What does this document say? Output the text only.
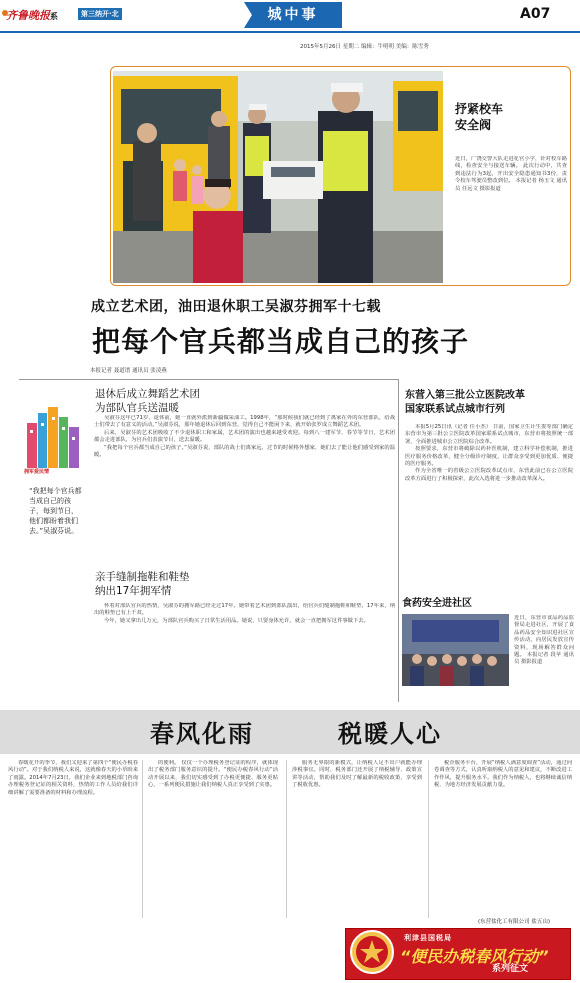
齐鲁晚报系	第三纳开·北	城中事	A07
2015年5月26日 星期二 编辑：牛明明 美编：陈雪秀
抒紧校车
安全阀
近日，广饶交警大队走进花官小学，针对校车路线，检查安全与接送车辆。 此次行动中，共查到违法行为3起，开出安全隐患通知书3份，责令校车驾驶员整改到位。 本报记者 杨玉文 通讯员 任远文 摄影报道
成立艺术团，油田退休职工吴淑芬拥军十七载
把每个官兵都当成自己的孩子
本报记者 聂道谱 通讯员 张凌燕
拥军爱民情
“我把每个官兵都当成自己的孩子，每到节日，他们都盼着我们去。”吴淑芬说。
退休后成立舞蹈艺术团
为部队官兵送温暖

吴淑芬这年已71岁，退休前，她一直就外派到新疆做采油工。1998年，“那时候我们就已经到了离家在外的东营部队，给战士们带去了有意义的活动。”吴淑芬说，那年她退休后回到东营，觉得自己不能闲下来，就开始张罗成立舞蹈艺术团。

后来，吴淑芬的艺术团吸收了不少退休职工和家属，艺术团的演出也越来越受欢迎。每到八一建军节、春节等节日，艺术团都会走进部队，为官兵们表演节目，送去温暖。

“我把每个官兵都当成自己的孩子。”吴淑芬说，部队的战士们离家远，过节的时候格外想家，她们去了能让他们感受到家的温暖。

亲手缝制拖鞋和鞋垫
纳出17年拥军情

怀着对部队官兵的热情，吴淑芬的拥军路已经走过17年。她带着艺术团到部队演出，给官兵们缝制拖鞋和鞋垫，17年来，纳出的鞋垫已有上千双。

今年，她又拿出几万元，为部队官兵购买了日常生活用品。她说，只要身体允许，就会一直把拥军这件事做下去。

东营入第三批公立医院改革
国家联系试点城市行列

本报5月25日讯（记者 任小杰） 日前，国家卫生计生委等部门确定东营市为第三批公立医院改革国家联系试点城市，东营市将按照统一部署，全面推进城市公立医院综合改革。

按照要求，东营市将破除以药补医机制，建立科学补偿机制，推进医疗服务价格改革，健全分级诊疗制度，让群众享受到更加优质、便捷的医疗服务。

作为全省唯一的省级公立医院改革试点市，东营此前已在公立医院改革方面进行了积极探索，此次入选将进一步推动改革深入。

食药安全进社区
近日，东营市食品药品监督局走进社区，开展了食品药品安全知识进社区宣传活动，向居民发放宣传资料，现场解答群众问题。 本报记者 段苹 通讯员 摄影报道
春风化雨	税暖人心

春暖花开的季节，我们又迎来了第四个“便民办税春风行动”。对于我们纳税人来说，这就像春天的小草盼来了雨露。2014年7月23日，我们企业来到地税部门咨询办理税务登记证的相关资料，热情的工作人员给我们详细讲解了需要准备的材料和办理流程。

的便利。 仅仅一个办理税务登记证的程序，就体现出了税务部门服务意识的提升。“便民办税春风行动”活动开展以来，我们切实感受到了办税更便捷、服务更贴心，一系列便民措施让我们纳税人真正享受到了实惠。

服务无界限的新模式，让纳税人足不出户就能办理涉税事宜。同时，税务部门还开展了纳税辅导、政策宣讲等活动，帮助我们及时了解最新的税收政策，享受到了税收优惠。

税企服务平台，开展“纳税人满意度调查”活动，通过问卷调查等方式，认真听取纳税人的意见和建议，不断改进工作作风，提升服务水平。我们作为纳税人，也将继续诚信纳税，为地方经济发展贡献力量。

(东营盐化工有限公司 盐五山)
利津县国税局
“便民办税春风行动”
系列征文
